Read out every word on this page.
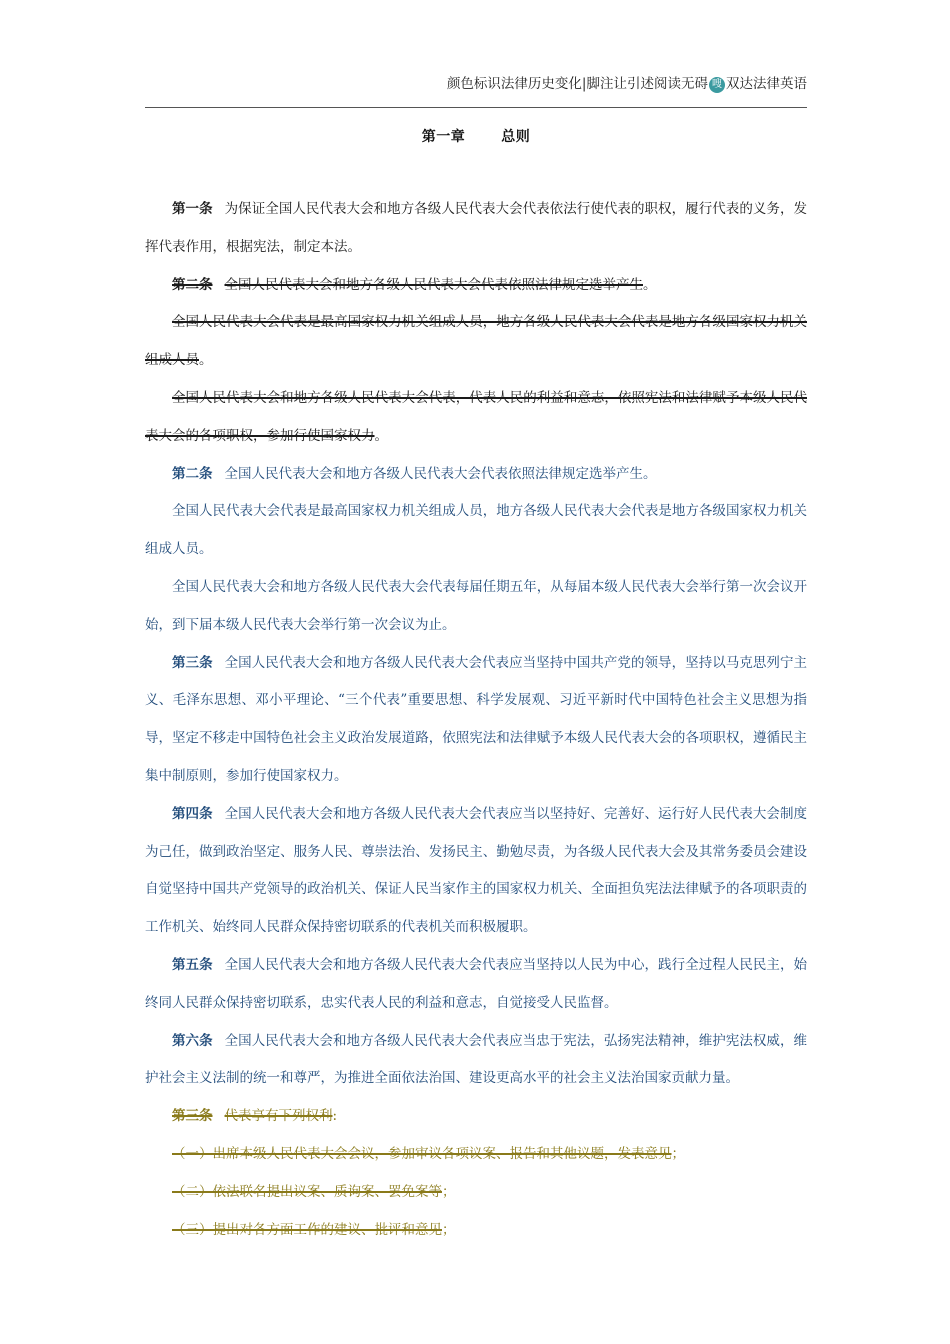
颜色标识法律历史变化|脚注让引述阅读无碍 嗖 双达法律英语
第一章	总则

第一条 为保证全国人民代表大会和地方各级人民代表大会代表依法行使代表的职权，履行代表的义务，发挥代表作用，根据宪法，制定本法。

第二条 全国人民代表大会和地方各级人民代表大会代表依照法律规定选举产生。

全国人民代表大会代表是最高国家权力机关组成人员，地方各级人民代表大会代表是地方各级国家权力机关组成人员。

全国人民代表大会和地方各级人民代表大会代表，代表人民的利益和意志，依照宪法和法律赋予本级人民代表大会的各项职权，参加行使国家权力。

第二条 全国人民代表大会和地方各级人民代表大会代表依照法律规定选举产生。

全国人民代表大会代表是最高国家权力机关组成人员，地方各级人民代表大会代表是地方各级国家权力机关组成人员。

全国人民代表大会和地方各级人民代表大会代表每届任期五年，从每届本级人民代表大会举行第一次会议开始，到下届本级人民代表大会举行第一次会议为止。

第三条 全国人民代表大会和地方各级人民代表大会代表应当坚持中国共产党的领导，坚持以马克思列宁主义、毛泽东思想、邓小平理论、“三个代表”重要思想、科学发展观、习近平新时代中国特色社会主义思想为指导，坚定不移走中国特色社会主义政治发展道路，依照宪法和法律赋予本级人民代表大会的各项职权，遵循民主集中制原则，参加行使国家权力。

第四条 全国人民代表大会和地方各级人民代表大会代表应当以坚持好、完善好、运行好人民代表大会制度为己任，做到政治坚定、服务人民、尊崇法治、发扬民主、勤勉尽责，为各级人民代表大会及其常务委员会建设自觉坚持中国共产党领导的政治机关、保证人民当家作主的国家权力机关、全面担负宪法法律赋予的各项职责的工作机关、始终同人民群众保持密切联系的代表机关而积极履职。

第五条 全国人民代表大会和地方各级人民代表大会代表应当坚持以人民为中心，践行全过程人民民主，始终同人民群众保持密切联系，忠实代表人民的利益和意志，自觉接受人民监督。

第六条 全国人民代表大会和地方各级人民代表大会代表应当忠于宪法，弘扬宪法精神，维护宪法权威，维护社会主义法制的统一和尊严，为推进全面依法治国、建设更高水平的社会主义法治国家贡献力量。

第三条 代表享有下列权利:

（一）出席本级人民代表大会会议，参加审议各项议案、报告和其他议题，发表意见；

（二）依法联名提出议案、质询案、罢免案等；

（三）提出对各方面工作的建议、批评和意见；
